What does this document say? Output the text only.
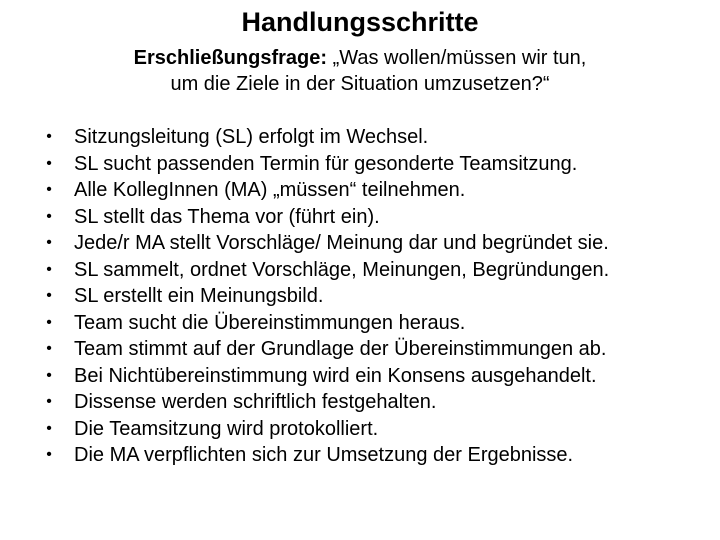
Handlungsschritte
Erschließungsfrage: „Was wollen/müssen wir tun,
um die Ziele in der Situation umzusetzen?“
• Sitzungsleitung (SL) erfolgt im Wechsel.
• SL sucht passenden Termin für gesonderte Teamsitzung.
• Alle KollegInnen (MA) „müssen“ teilnehmen.
• SL stellt das Thema vor (führt ein).
• Jede/r MA stellt Vorschläge/ Meinung dar und begründet sie.
• SL sammelt, ordnet Vorschläge, Meinungen, Begründungen.
• SL erstellt ein Meinungsbild.
• Team sucht die Übereinstimmungen heraus.
• Team stimmt auf der Grundlage der Übereinstimmungen ab.
• Bei Nichtübereinstimmung wird ein Konsens ausgehandelt.
• Dissense werden schriftlich festgehalten.
• Die Teamsitzung wird protokolliert.
• Die MA verpflichten sich zur Umsetzung der Ergebnisse.
